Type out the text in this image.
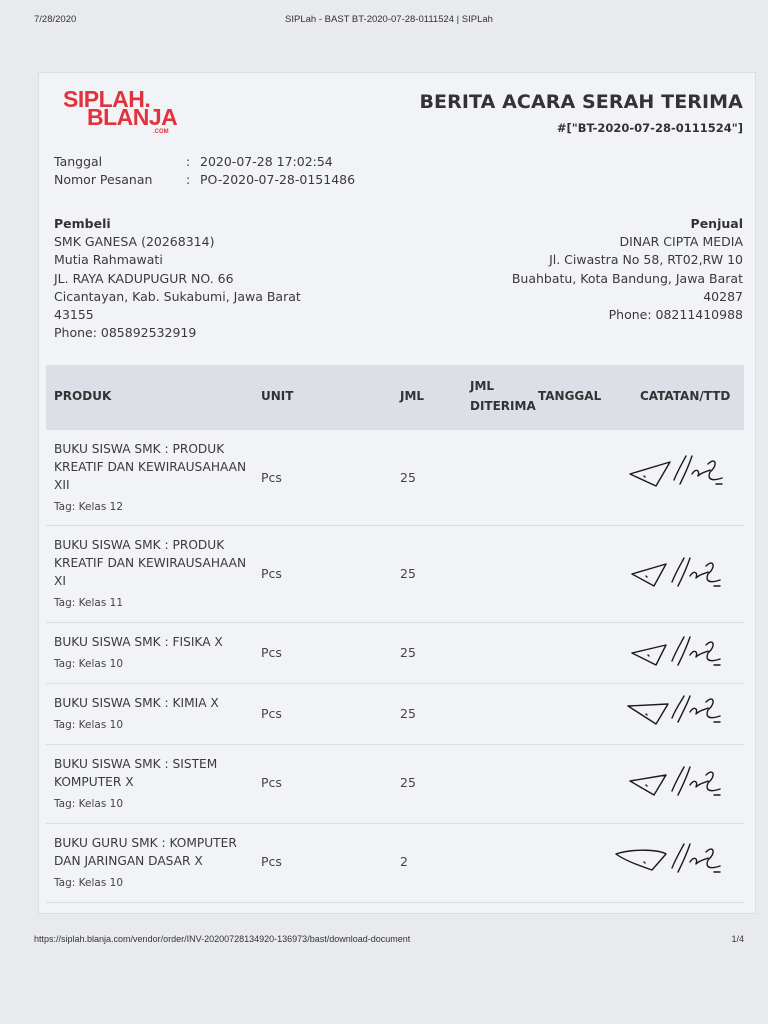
7/28/2020	SIPLah - BAST BT-2020-07-28-0111524 | SIPLah
SIPLAH.
BLANJA
.COM
BERITA ACARA SERAH TERIMA
#["BT-2020-07-28-0111524"]
Tanggal	: 2020-07-28 17:02:54
Nomor Pesanan	: PO-2020-07-28-0151486
Pembeli
SMK GANESA (20268314)
Mutia Rahmawati
JL. RAYA KADUPUGUR NO. 66
Cicantayan, Kab. Sukabumi, Jawa Barat
43155
Phone: 085892532919
Penjual
DINAR CIPTA MEDIA
Jl. Ciwastra No 58, RT02,RW 10
Buahbatu, Kota Bandung, Jawa Barat
40287
Phone: 08211410988
PRODUK	UNIT	JML
JML
DITERIMA
TANGGAL	CATATAN/TTD
BUKU SISWA SMK : PRODUK
KREATIF DAN KEWIRAUSAHAAN
XII
Tag: Kelas 12
Pcs	25
BUKU SISWA SMK : PRODUK
KREATIF DAN KEWIRAUSAHAAN
XI
Tag: Kelas 11
Pcs	25
BUKU SISWA SMK : FISIKA X
Tag: Kelas 10
Pcs	25
BUKU SISWA SMK : KIMIA X
Tag: Kelas 10
Pcs	25
BUKU SISWA SMK : SISTEM
KOMPUTER X
Tag: Kelas 10
Pcs	25
BUKU GURU SMK : KOMPUTER
DAN JARINGAN DASAR X
Tag: Kelas 10
Pcs	2
https://siplah.blanja.com/vendor/order/INV-20200728134920-136973/bast/download-document	1/4
